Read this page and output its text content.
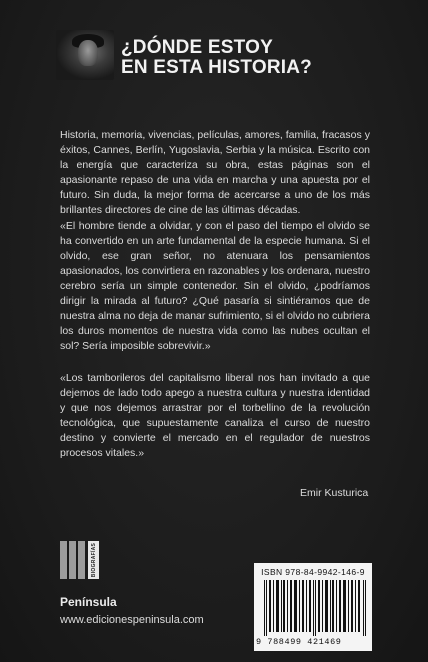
¿DÓNDE ESTOY
EN ESTA HISTORIA?
Historia, memoria, vivencias, películas, amores, familia, fracasos y éxitos, Cannes, Berlín, Yugoslavia, Serbia y la música. Escrito con la energía que caracteriza su obra, estas páginas son el apasionante repaso de una vida en marcha y una apuesta por el futuro. Sin duda, la mejor forma de acercarse a uno de los más brillantes directores de cine de las últimas décadas.
«El hombre tiende a olvidar, y con el paso del tiempo el olvido se ha convertido en un arte fundamental de la especie humana. Si el olvido, ese gran señor, no atenuara los pensamientos apasionados, los convirtiera en razonables y los ordenara, nuestro cerebro sería un simple contenedor. Sin el olvido, ¿podríamos dirigir la mirada al futuro? ¿Qué pasaría si sintiéramos que de nuestra alma no deja de manar sufrimiento, si el olvido no cubriera los duros momentos de nuestra vida como las nubes ocultan el sol? Sería imposible sobrevivir.»
«Los tamborileros del capitalismo liberal nos han invitado a que dejemos de lado todo apego a nuestra cultura y nuestra identidad y que nos dejemos arrastrar por el torbellino de la revolución tecnológica, que supuestamente canaliza el curso de nuestro destino y convierte el mercado en el regulador de nuestros procesos vitales.»
Emir Kusturica
BIOGRAFÍAS
Península
www.edicionespeninsula.com
ISBN 978-84-9942-146-9
9 788499 421469
